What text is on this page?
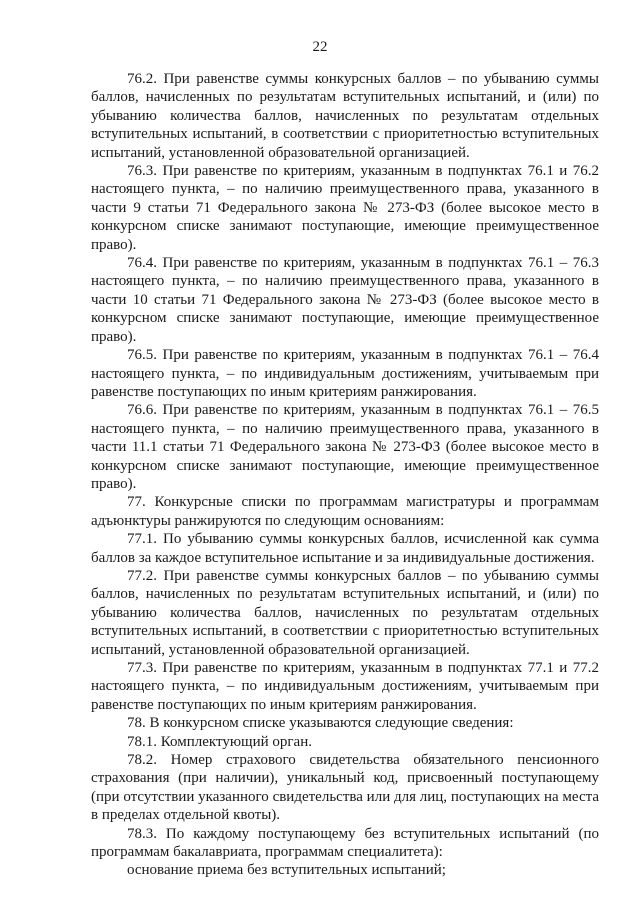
22

76.2. При равенстве суммы конкурсных баллов – по убыванию суммы баллов, начисленных по результатам вступительных испытаний, и (или) по убыванию количества баллов, начисленных по результатам отдельных вступительных испытаний, в соответствии с приоритетностью вступительных испытаний, установленной образовательной организацией.

76.3. При равенстве по критериям, указанным в подпунктах 76.1 и 76.2 настоящего пункта, – по наличию преимущественного права, указанного в части 9 статьи 71 Федерального закона № 273-ФЗ (более высокое место в конкурсном списке занимают поступающие, имеющие преимущественное право).

76.4. При равенстве по критериям, указанным в подпунктах 76.1 – 76.3 настоящего пункта, – по наличию преимущественного права, указанного в части 10 статьи 71 Федерального закона № 273-ФЗ (более высокое место в конкурсном списке занимают поступающие, имеющие преимущественное право).

76.5. При равенстве по критериям, указанным в подпунктах 76.1 – 76.4 настоящего пункта, – по индивидуальным достижениям, учитываемым при равенстве поступающих по иным критериям ранжирования.

76.6. При равенстве по критериям, указанным в подпунктах 76.1 – 76.5 настоящего пункта, – по наличию преимущественного права, указанного в части 11.1 статьи 71 Федерального закона № 273-ФЗ (более высокое место в конкурсном списке занимают поступающие, имеющие преимущественное право).

77. Конкурсные списки по программам магистратуры и программам адъюнктуры ранжируются по следующим основаниям:

77.1. По убыванию суммы конкурсных баллов, исчисленной как сумма баллов за каждое вступительное испытание и за индивидуальные достижения.

77.2. При равенстве суммы конкурсных баллов – по убыванию суммы баллов, начисленных по результатам вступительных испытаний, и (или) по убыванию количества баллов, начисленных по результатам отдельных вступительных испытаний, в соответствии с приоритетностью вступительных испытаний, установленной образовательной организацией.

77.3. При равенстве по критериям, указанным в подпунктах 77.1 и 77.2 настоящего пункта, – по индивидуальным достижениям, учитываемым при равенстве поступающих по иным критериям ранжирования.

78. В конкурсном списке указываются следующие сведения:

78.1. Комплектующий орган.

78.2. Номер страхового свидетельства обязательного пенсионного страхования (при наличии), уникальный код, присвоенный поступающему (при отсутствии указанного свидетельства или для лиц, поступающих на места в пределах отдельной квоты).

78.3. По каждому поступающему без вступительных испытаний (по программам бакалавриата, программам специалитета):

основание приема без вступительных испытаний;
